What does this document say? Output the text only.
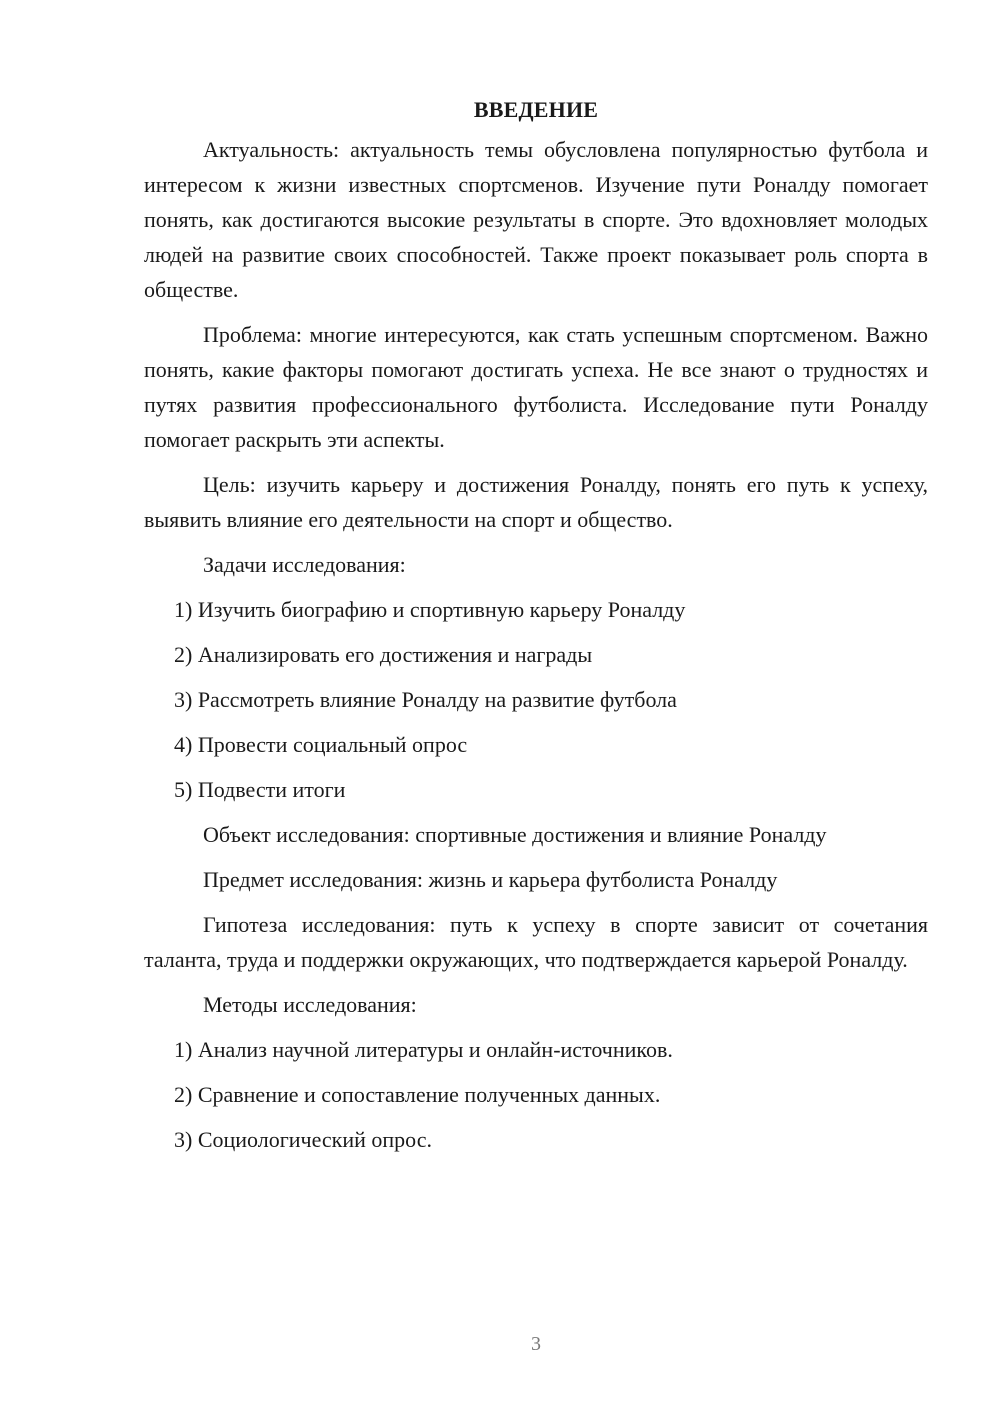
ВВЕДЕНИЕ

Актуальность: актуальность темы обусловлена популярностью футбола и интересом к жизни известных спортсменов. Изучение пути Роналду помогает понять, как достигаются высокие результаты в спорте. Это вдохновляет молодых людей на развитие своих способностей. Также проект показывает роль спорта в обществе.

Проблема: многие интересуются, как стать успешным спортсменом. Важно понять, какие факторы помогают достигать успеха. Не все знают о трудностях и путях развития профессионального футболиста. Исследование пути Роналду помогает раскрыть эти аспекты.

Цель: изучить карьеру и достижения Роналду, понять его путь к успеху, выявить влияние его деятельности на спорт и общество.

Задачи исследования:
1) Изучить биографию и спортивную карьеру Роналду
2) Анализировать его достижения и награды
3) Рассмотреть влияние Роналду на развитие футбола
4) Провести социальный опрос
5) Подвести итоги
Объект исследования: спортивные достижения и влияние Роналду
Предмет исследования: жизнь и карьера футболиста Роналду

Гипотеза исследования: путь к успеху в спорте зависит от сочетания таланта, труда и поддержки окружающих, что подтверждается карьерой Роналду.

Методы исследования:
1) Анализ научной литературы и онлайн-источников.
2) Сравнение и сопоставление полученных данных.
3) Социологический опрос.
3
